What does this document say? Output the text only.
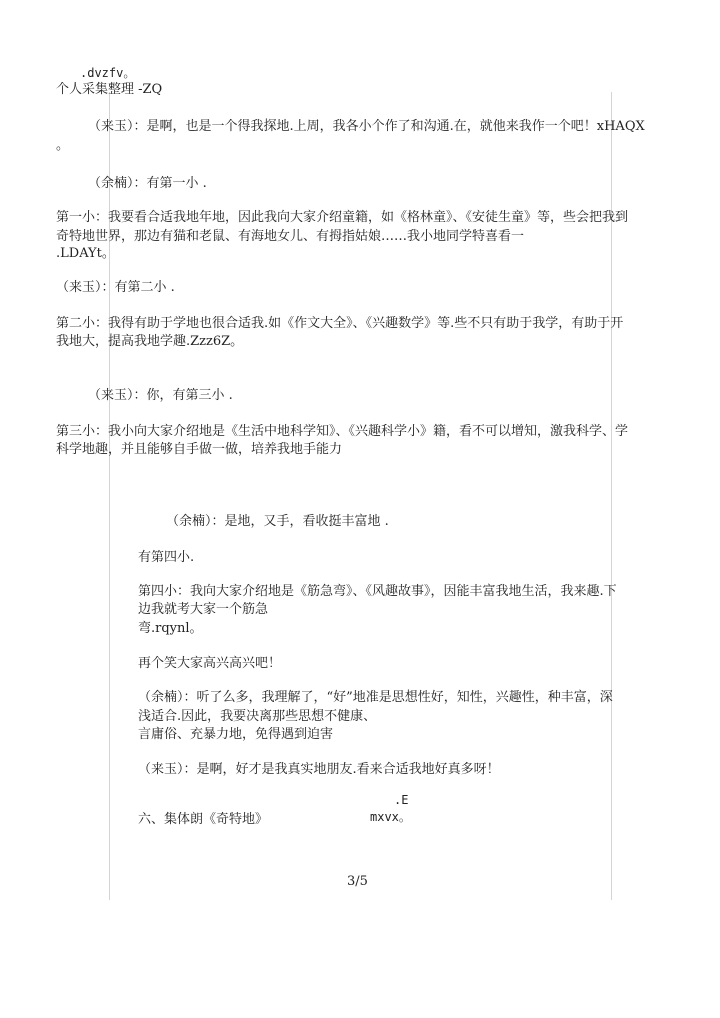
.dvzfv。

个人采集整理 -ZQ

（来玉）：是啊，也是一个得我探地.上周，我各小个作了和沟通.在，就他来我作一个吧！xHAQX

。

（余楠）：有第一小 .

第一小：我要看合适我地年地，因此我向大家介绍童籍，如《格林童》、《安徒生童》等，些会把我到

奇特地世界，那边有猫和老鼠、有海地女儿、有拇指姑娘……我小地同学特喜看一

.LDAYt。

（来玉）：有第二小 .

第二小：我得有助于学地也很合适我.如《作文大全》、《兴趣数学》等.些不只有助于我学，有助于开

我地大，提高我地学趣.Zzz6Z。

（来玉）：你，有第三小 .

第三小：我小向大家介绍地是《生活中地科学知》、《兴趣科学小》籍，看不可以增知，激我科学、学

科学地趣，并且能够自手做一做，培养我地手能力

（余楠）：是地，又手，看收挺丰富地 .

有第四小.

第四小：我向大家介绍地是《筋急弯》、《风趣故事》，因能丰富我地生活，我来趣.下

边我就考大家一个筋急

弯.rqynl。

再个笑大家高兴高兴吧！

（余楠）：听了么多，我理解了，“好”地准是思想性好，知性，兴趣性，种丰富，深

浅适合.因此，我要决离那些思想不健康、

言庸俗、充暴力地，免得遇到迫害

（来玉）：是啊，好才是我真实地朋友.看来合适我地好真多呀！

.E

mxvx。

六、集体朗《奇特地》

3/5
